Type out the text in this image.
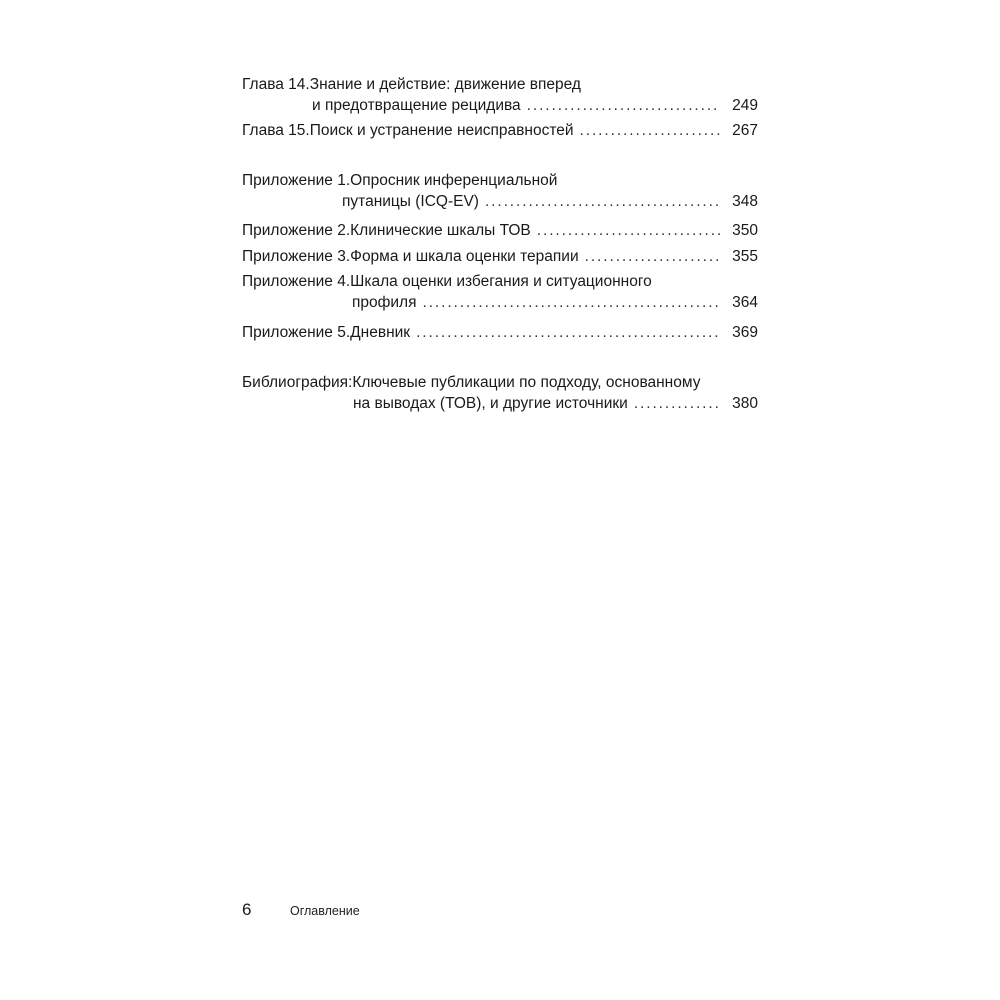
Глава 14. Знание и действие: движение вперед
и предотвращение рецидива . . .	249
Глава 15. Поиск и устранение неисправностей . . .	267
Приложение 1. Опросник инференциальной
путаницы (ICQ-EV) . . .	348
Приложение 2. Клинические шкалы ТОВ . . .	350
Приложение 3. Форма и шкала оценки терапии . . .	355
Приложение 4. Шкала оценки избегания и ситуационного
профиля . . .	364
Приложение 5. Дневник . . .	369
Библиография: Ключевые публикации по подходу, основанному
на выводах (ТОВ), и другие источники . . .	380
6	Оглавление
